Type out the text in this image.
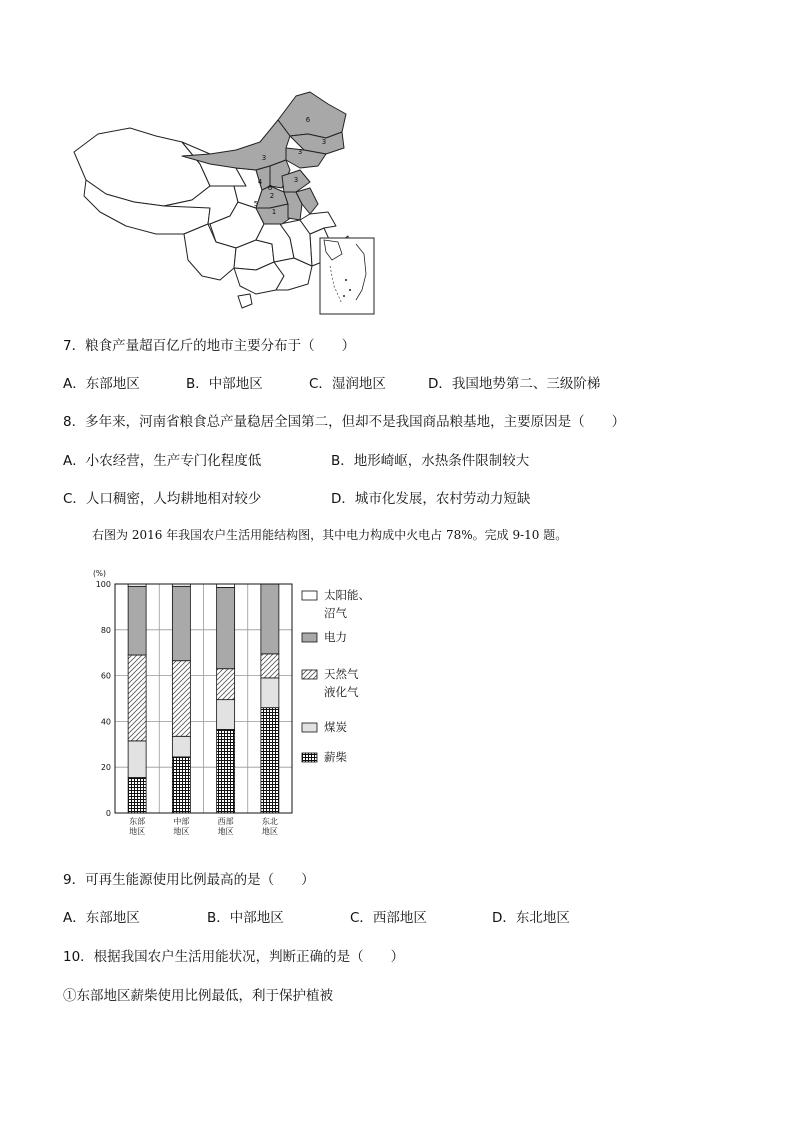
6
3
3
3
6
4
5
2
1
3
7．粮食产量超百亿斤的地市主要分布于（　　）
A．东部地区	B．中部地区	C．湿润地区	D．我国地势第二、三级阶梯
8．多年来，河南省粮食总产量稳居全国第二，但却不是我国商品粮基地，主要原因是（　　）
A．小农经营，生产专门化程度低	B．地形崎岖，水热条件限制较大
C．人口稠密，人均耕地相对较少	D．城市化发展，农村劳动力短缺
右图为 2016 年我国农户生活用能结构图，其中电力构成中火电占 78%。完成 9-10 题。
0
20
40
60
80
100
(%)
东部
地区
中部
地区
西部
地区
东北
地区
太阳能、
沼气
电力
天然气
液化气
煤炭
薪柴
9．可再生能源使用比例最高的是（　　）
A．东部地区	B．中部地区	C．西部地区	D．东北地区
10．根据我国农户生活用能状况，判断正确的是（　　）
①东部地区薪柴使用比例最低，利于保护植被
